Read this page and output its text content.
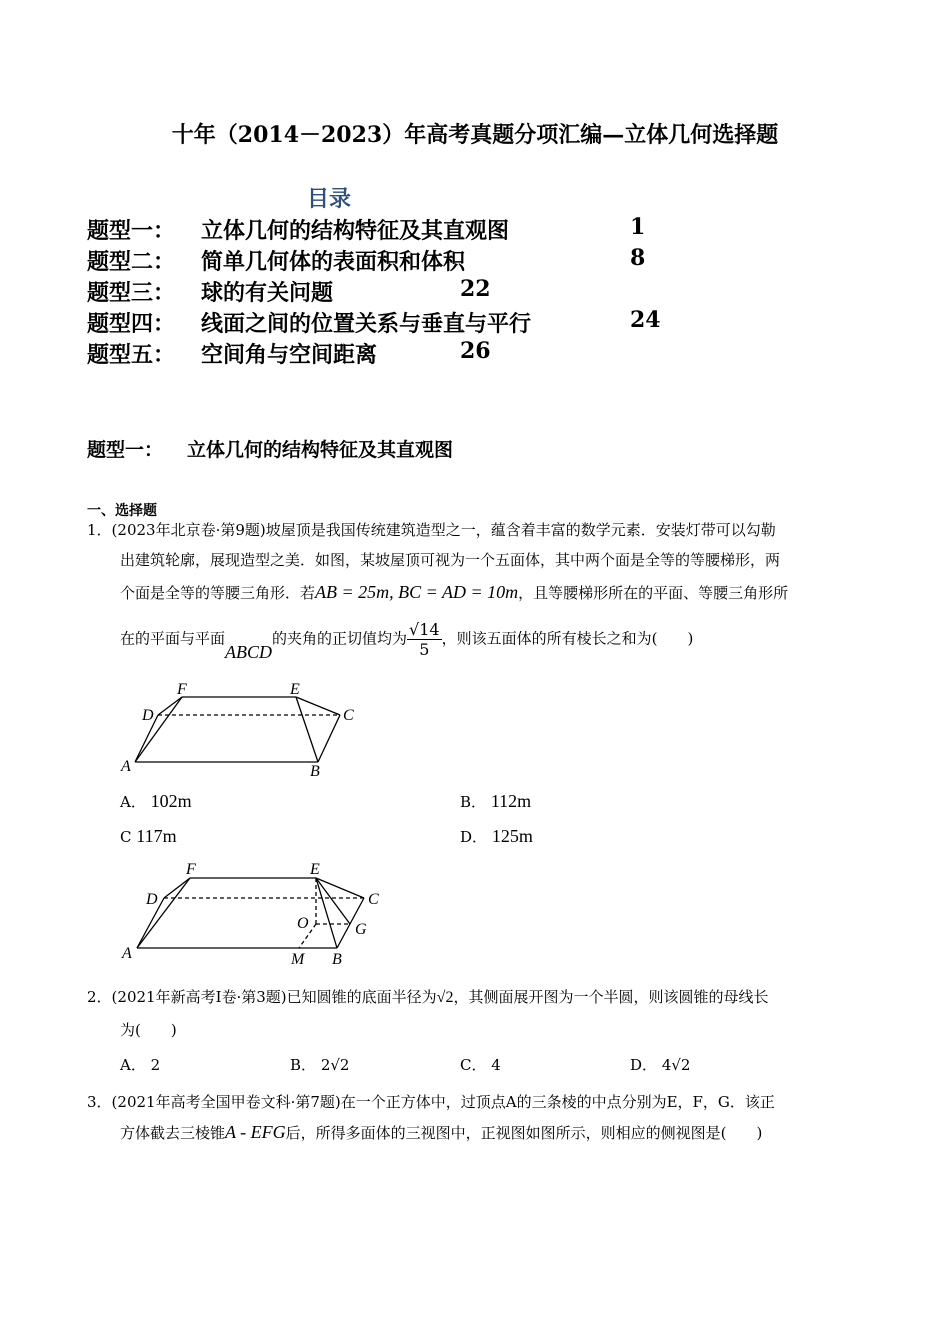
十年（2014－2023）年高考真题分项汇编—立体几何选择题
目录
题型一： 立体几何的结构特征及其直观图	1
题型二： 简单几何体的表面积和体积	8
题型三： 球的有关问题	22
题型四： 线面之间的位置关系与垂直与平行	24
题型五： 空间角与空间距离	26
题型一： 立体几何的结构特征及其直观图
一、选择题
1．(2023年北京卷·第9题)坡屋顶是我国传统建筑造型之一，蕴含着丰富的数学元素．安装灯带可以勾勒
出建筑轮廓，展现造型之美．如图，某坡屋顶可视为一个五面体，其中两个面是全等的等腰梯形，两
个面是全等的等腰三角形．若AB = 25m, BC = AD = 10m，且等腰梯形所在的平面、等腰三角形所
在的平面与平面ABCD的夹角的正切值均为 $\frac{√14}{5}$ ，则该五面体的所有棱长之和为(　　)
F	E
D	C
A	B
A． 102m	B． 112m
C 117m	D． 125m
F	E
D	C
O	G
A	M B
2．(2021年新高考Ⅰ卷·第3题)已知圆锥的底面半径为√2，其侧面展开图为一个半圆，则该圆锥的母线长
为(　　)
A． 2	B． 2√2	C． 4	D． 4√2
3．(2021年高考全国甲卷文科·第7题)在一个正方体中，过顶点A的三条棱的中点分别为E，F，G．该正
方体截去三棱锥A - EFG后，所得多面体的三视图中，正视图如图所示，则相应的侧视图是(　　)
